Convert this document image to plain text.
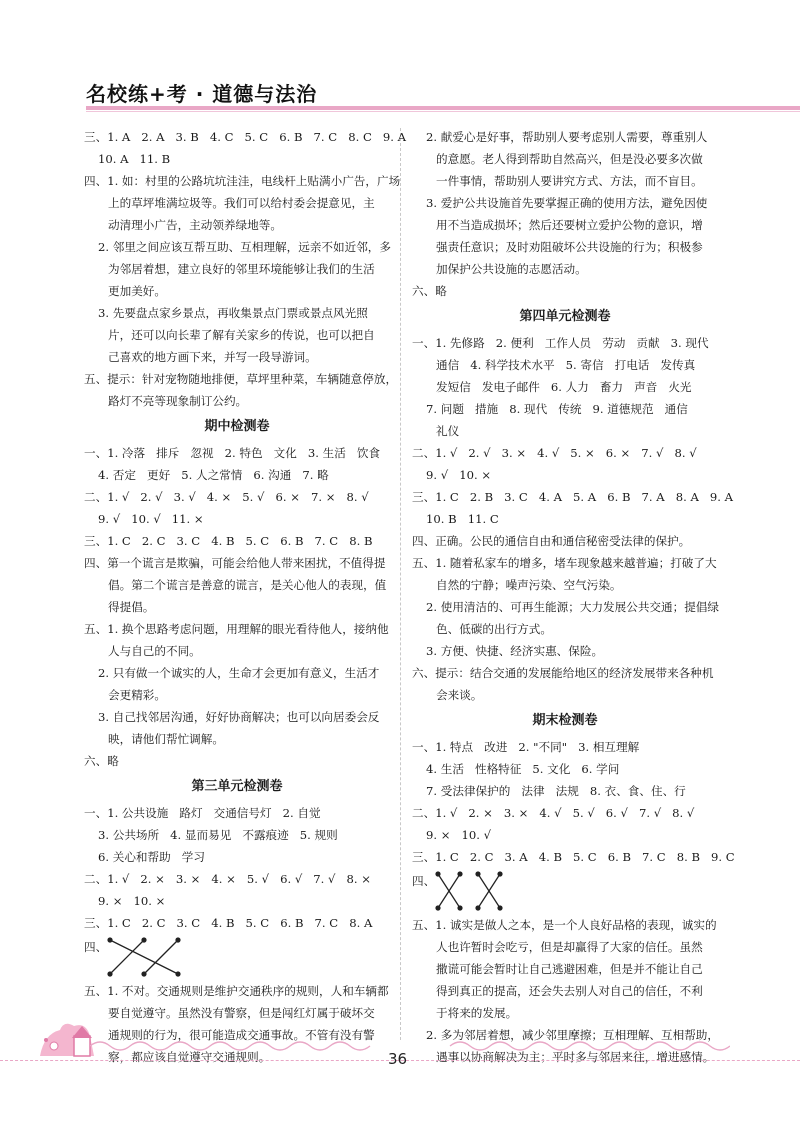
名校练+考 · 道德与法治
三、1. A   2. A   3. B   4. C   5. C   6. B   7. C   8. C   9. A
10. A   11. B
四、1. 如：村里的公路坑坑洼洼，电线杆上贴满小广告，广场
上的草坪堆满垃圾等。我们可以给村委会提意见，主
动清理小广告，主动领养绿地等。
2. 邻里之间应该互帮互助、互相理解，远亲不如近邻，多
为邻居着想，建立良好的邻里环境能够让我们的生活
更加美好。
3. 先要盘点家乡景点，再收集景点门票或景点风光照
片，还可以向长辈了解有关家乡的传说，也可以把自
己喜欢的地方画下来，并写一段导游词。
五、提示：针对宠物随地排便，草坪里种菜，车辆随意停放，
路灯不亮等现象制订公约。
期中检测卷
一、1. 冷落   排斥   忽视   2. 特色   文化   3. 生活   饮食
4. 否定   更好   5. 人之常情   6. 沟通   7. 略
二、1. √   2. √   3. √   4. ×   5. √   6. ×   7. ×   8. √
9. √   10. √   11. ×
三、1. C   2. C   3. C   4. B   5. C   6. B   7. C   8. B
四、第一个谎言是欺骗，可能会给他人带来困扰，不值得提
倡。第二个谎言是善意的谎言，是关心他人的表现，值
得提倡。
五、1. 换个思路考虑问题，用理解的眼光看待他人，接纳他
人与自己的不同。
2. 只有做一个诚实的人，生命才会更加有意义，生活才
会更精彩。
3. 自己找邻居沟通，好好协商解决；也可以向居委会反
映，请他们帮忙调解。
六、略
第三单元检测卷
一、1. 公共设施   路灯   交通信号灯   2. 自觉
3. 公共场所   4. 显而易见   不露痕迹   5. 规则
6. 关心和帮助   学习
二、1. √   2. ×   3. ×   4. ×   5. √   6. √   7. √   8. ×
9. ×   10. ×
三、1. C   2. C   3. C   4. B   5. C   6. B   7. C   8. A
四、
五、1. 不对。交通规则是维护交通秩序的规则，人和车辆都
要自觉遵守。虽然没有警察，但是闯红灯属于破坏交
通规则的行为，很可能造成交通事故。不管有没有警
察，都应该自觉遵守交通规则。
2. 献爱心是好事，帮助别人要考虑别人需要，尊重别人
的意愿。老人得到帮助自然高兴，但是没必要多次做
一件事情，帮助别人要讲究方式、方法，而不盲目。
3. 爱护公共设施首先要掌握正确的使用方法，避免因使
用不当造成损坏；然后还要树立爱护公物的意识，增
强责任意识；及时劝阻破坏公共设施的行为；积极参
加保护公共设施的志愿活动。
六、略
第四单元检测卷
一、1. 先修路   2. 便利   工作人员   劳动   贡献   3. 现代
通信   4. 科学技术水平   5. 寄信   打电话   发传真
发短信   发电子邮件   6. 人力   畜力   声音   火光
7. 问题   措施   8. 现代   传统   9. 道德规范   通信
礼仪
二、1. √   2. √   3. ×   4. √   5. ×   6. ×   7. √   8. √
9. √   10. ×
三、1. C   2. B   3. C   4. A   5. A   6. B   7. A   8. A   9. A
10. B   11. C
四、正确。公民的通信自由和通信秘密受法律的保护。
五、1. 随着私家车的增多，堵车现象越来越普遍；打破了大
自然的宁静；噪声污染、空气污染。
2. 使用清洁的、可再生能源；大力发展公共交通；提倡绿
色、低碳的出行方式。
3. 方便、快捷、经济实惠、保险。
六、提示：结合交通的发展能给地区的经济发展带来各种机
会来谈。
期末检测卷
一、1. 特点   改进   2. "不同"   3. 相互理解
4. 生活   性格特征   5. 文化   6. 学问
7. 受法律保护的   法律   法规   8. 衣、食、住、行
二、1. √   2. ×   3. ×   4. √   5. √   6. √   7. √   8. √
9. ×   10. √
三、1. C   2. C   3. A   4. B   5. C   6. B   7. C   8. B   9. C
四、
五、1. 诚实是做人之本，是一个人良好品格的表现，诚实的
人也许暂时会吃亏，但是却赢得了大家的信任。虽然
撒谎可能会暂时让自己逃避困难，但是并不能让自己
得到真正的提高，还会失去别人对自己的信任，不利
于将来的发展。
2. 多为邻居着想，减少邻里摩擦；互相理解、互相帮助，
遇事以协商解决为主；平时多与邻居来往，增进感情。
36
